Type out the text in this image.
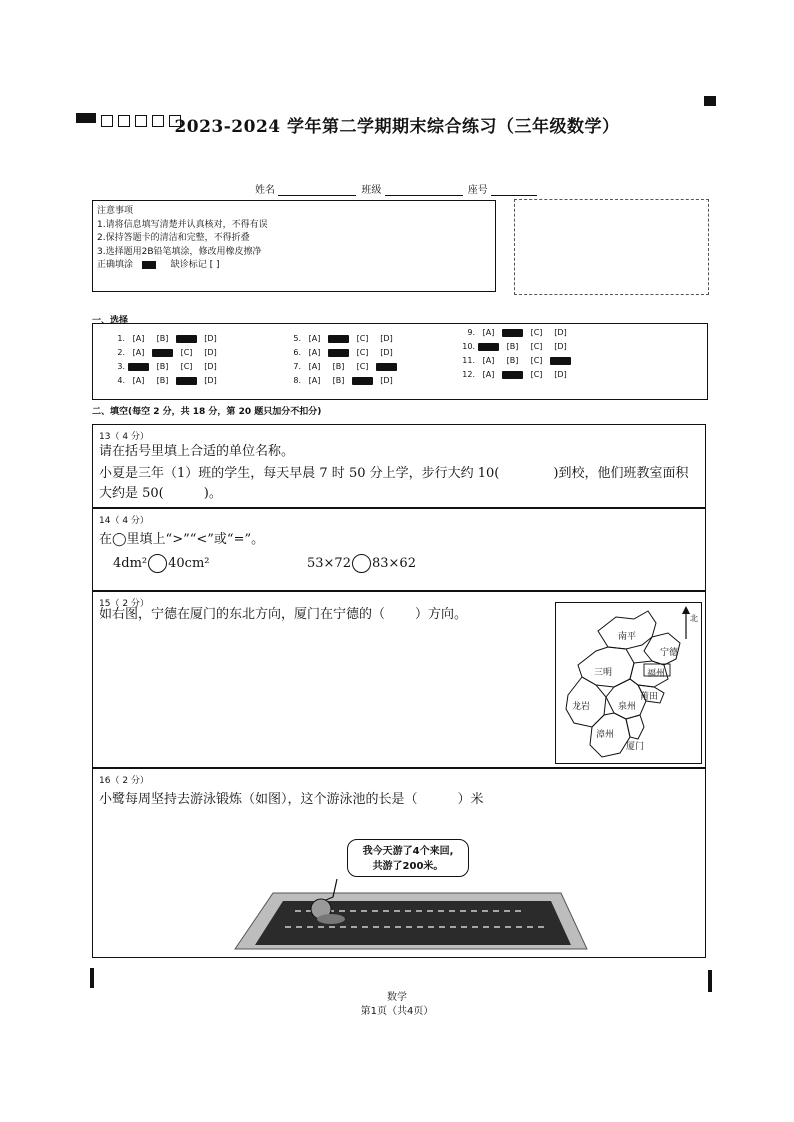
2023-2024 学年第二学期期末综合练习（三年级数学）
姓名	班级	座号
注意事项
1.请将信息填写清楚并认真核对，不得有误
2.保持答题卡的清洁和完整，不得折叠
3.选择题用2B铅笔填涂，修改用橡皮擦净
正确填涂	缺诊标记 [ ]
一、选择
1. [A] [B] [C] [D]
2. [A] [B] [C] [D]
3. [A] [B] [C] [D]
4. [A] [B] [C] [D]
5. [A] [B] [C] [D]
6. [A] [B] [C] [D]
7. [A] [B] [C] [D]
8. [A] [B] [C] [D]
9. [A] [B] [C] [D]
10. [A] [B] [C] [D]
11. [A] [B] [C] [D]
12. [A] [B] [C] [D]
二、填空(每空 2 分，共 18 分，第 20 题只加分不扣分)
13（ 4 分）
请在括号里填上合适的单位名称。
小夏是三年（1）班的学生，每天早晨 7 时 50 分上学，步行大约 10(	)到校，他们班教室面积
大约是 50(	)。
14（ 4 分）
在◯里填上“>”“<”或“=”。
4dm² 40cm²	53×72 83×62
15（ 2 分）
如右图，宁德在厦门的东北方向，厦门在宁德的（ ）方向。	北
南平
宁德
三明	福州
莆田
龙岩	泉州
漳州
厦门
16（ 2 分）
小鹭每周坚持去游泳锻炼（如图），这个游泳池的长是（	）米
我今天游了4个来回,
共游了200米。
数学
第1页（共4页）
